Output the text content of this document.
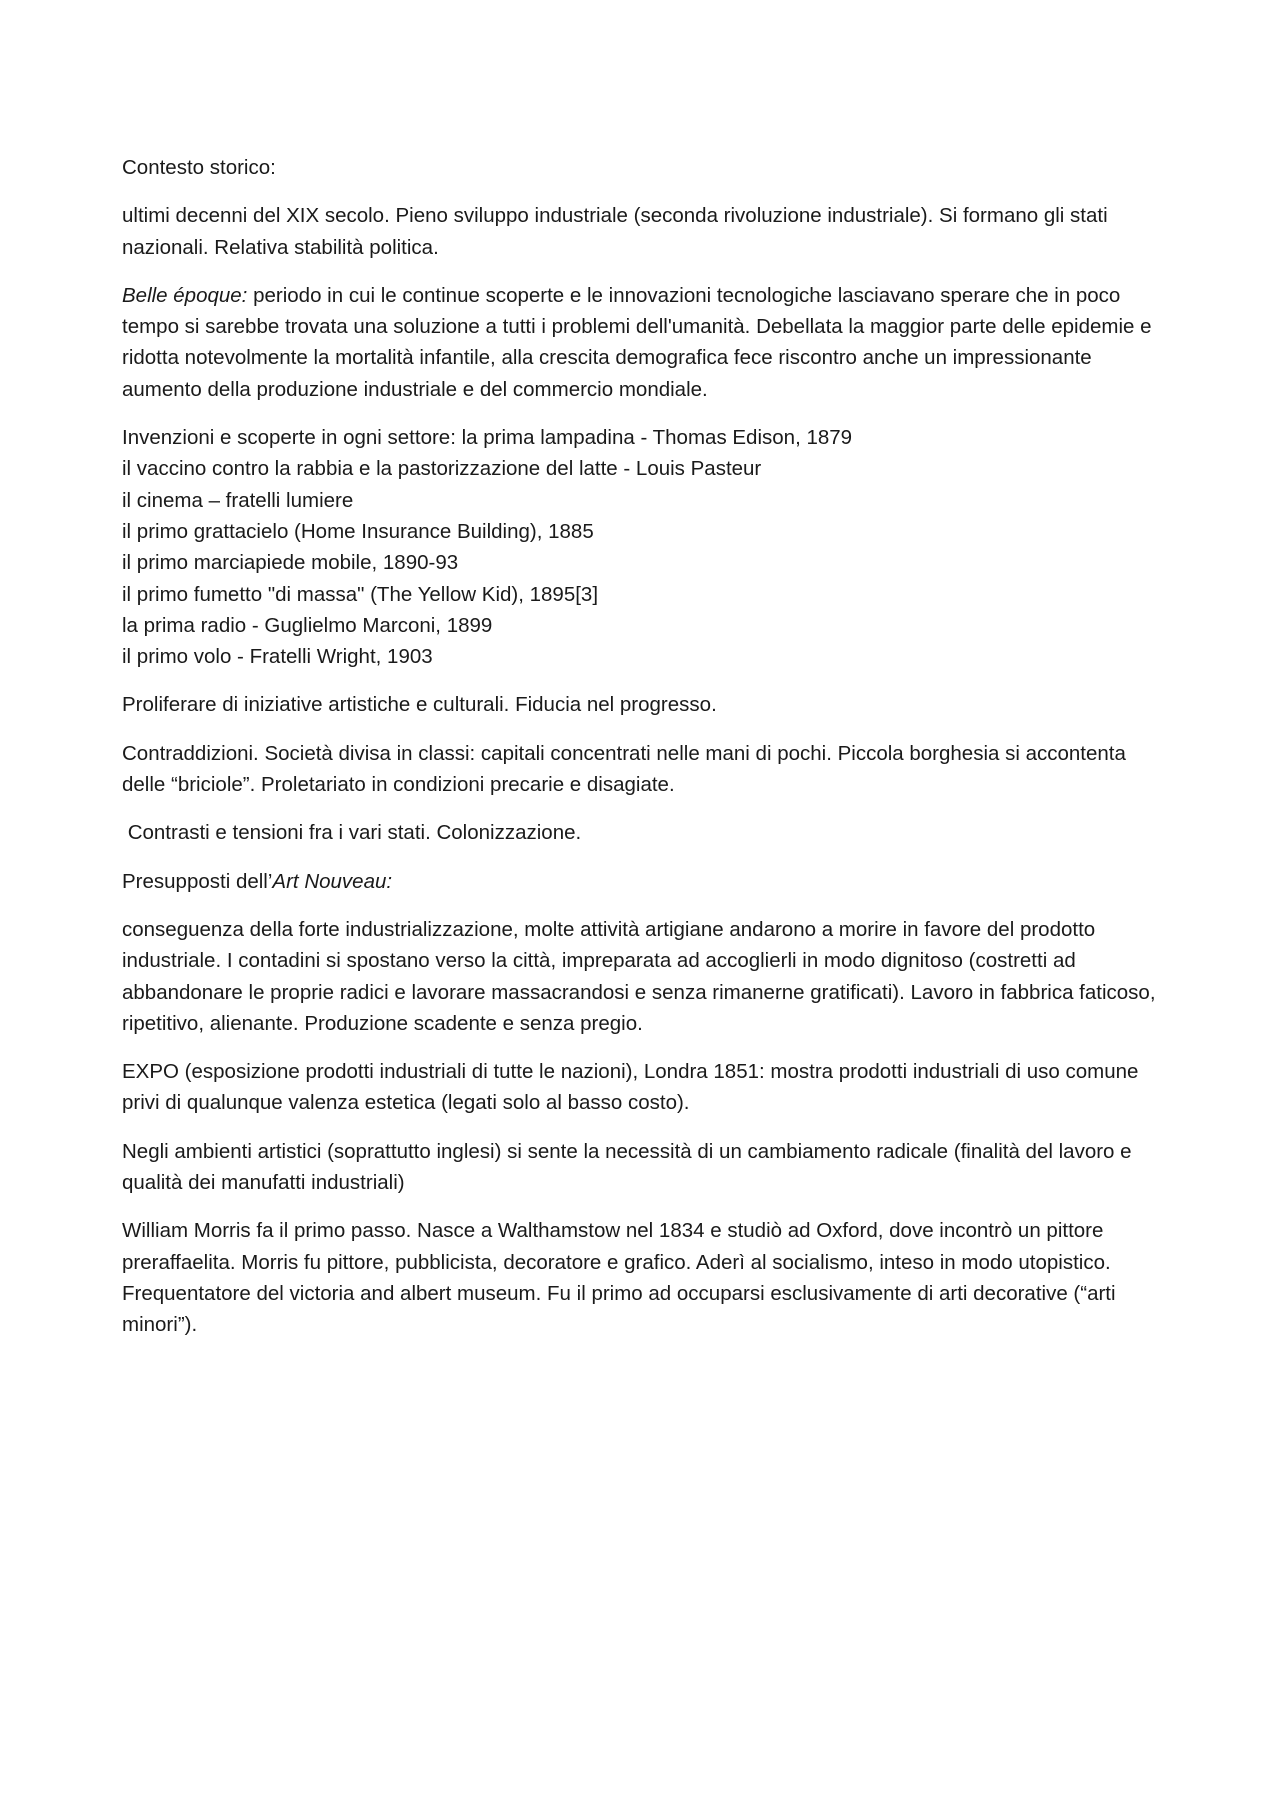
Contesto storico:

ultimi decenni del XIX secolo. Pieno sviluppo industriale (seconda rivoluzione industriale). Si formano gli stati nazionali. Relativa stabilità politica.

Belle époque: periodo in cui le continue scoperte e le innovazioni tecnologiche lasciavano sperare che in poco tempo si sarebbe trovata una soluzione a tutti i problemi dell'umanità. Debellata la maggior parte delle epidemie e ridotta notevolmente la mortalità infantile, alla crescita demografica fece riscontro anche un impressionante aumento della produzione industriale e del commercio mondiale.

Invenzioni e scoperte in ogni settore: la prima lampadina - Thomas Edison, 1879
il vaccino contro la rabbia e la pastorizzazione del latte - Louis Pasteur
il cinema – fratelli lumiere
il primo grattacielo (Home Insurance Building), 1885
il primo marciapiede mobile, 1890-93
il primo fumetto "di massa" (The Yellow Kid), 1895[3]
la prima radio - Guglielmo Marconi, 1899
il primo volo - Fratelli Wright, 1903

Proliferare di iniziative artistiche e culturali. Fiducia nel progresso.

Contraddizioni. Società divisa in classi: capitali concentrati nelle mani di pochi. Piccola borghesia si accontenta delle “briciole”. Proletariato in condizioni precarie e disagiate.

Contrasti e tensioni fra i vari stati. Colonizzazione.

Presupposti dell’Art Nouveau:

conseguenza della forte industrializzazione, molte attività artigiane andarono a morire in favore del prodotto industriale. I contadini si spostano verso la città, impreparata ad accoglierli in modo dignitoso (costretti ad abbandonare le proprie radici e lavorare massacrandosi e senza rimanerne gratificati). Lavoro in fabbrica faticoso, ripetitivo, alienante. Produzione scadente e senza pregio.

EXPO (esposizione prodotti industriali di tutte le nazioni), Londra 1851: mostra prodotti industriali di uso comune privi di qualunque valenza estetica (legati solo al basso costo).

Negli ambienti artistici (soprattutto inglesi) si sente la necessità di un cambiamento radicale (finalità del lavoro e qualità dei manufatti industriali)

William Morris fa il primo passo. Nasce a Walthamstow nel 1834 e studiò ad Oxford, dove incontrò un pittore preraffaelita. Morris fu pittore, pubblicista, decoratore e grafico. Aderì al socialismo, inteso in modo utopistico. Frequentatore del victoria and albert museum. Fu il primo ad occuparsi esclusivamente di arti decorative (“arti minori”).
